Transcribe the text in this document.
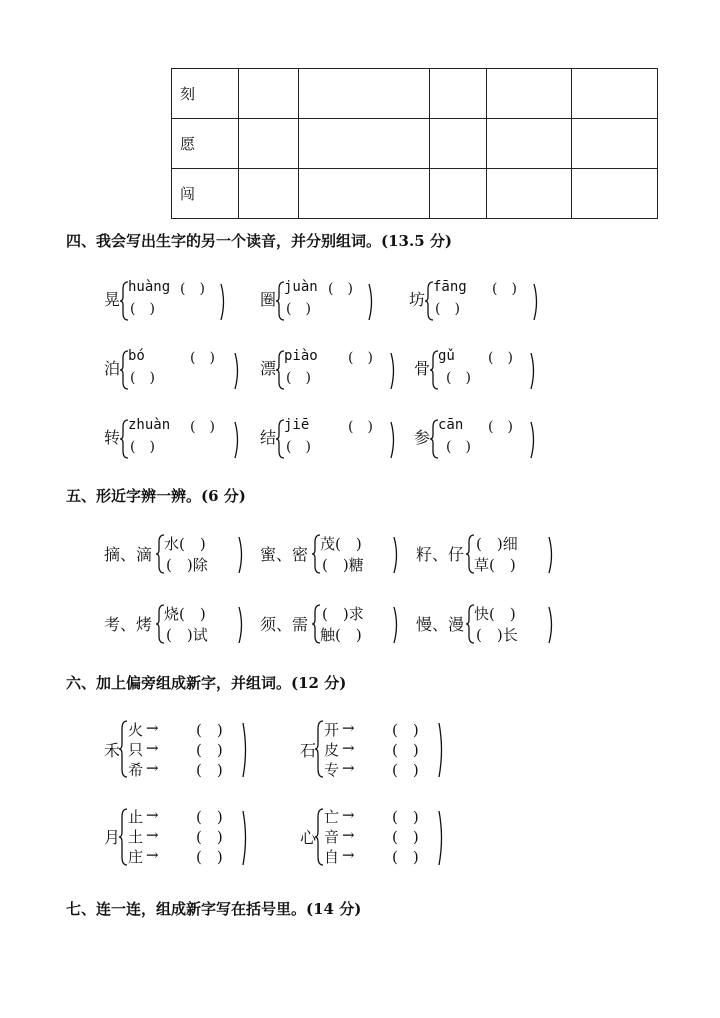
刻					
愿					
闯					
四、我会写出生字的另一个读音，并分别组词。(13.5 分)
晃
huàng (　)
(　)	圈
juàn (　)
(　)	坊
fāng (　)
(　)
泊
bó	(　)
(　)	漂
piào (　)
(　)	骨
gǔ (　)
(　)
转
zhuàn (　)
(　)	结
jiē	(　)
(　)	参
cān (　)
(　)
五、形近字辨一辨。(6 分)
摘、滴
水(　)
(　)除
蜜、密
茂(　)
(　)糖
籽、仔
(　)细
草(　)
考、烤
烧(　)
(　)试
须、需
(　)求
触(　)
慢、漫
快(　)
(　)长
六、加上偏旁组成新字，并组词。(12 分)
禾
火 → (　)
只 → (　)
希 → (　)
石
开 → (　)
皮 → (　)
专 → (　)
月
止 → (　)
土 → (　)
庄 → (　)
心
亡 → (　)
音 → (　)
自 → (　)
七、连一连，组成新字写在括号里。(14 分)
